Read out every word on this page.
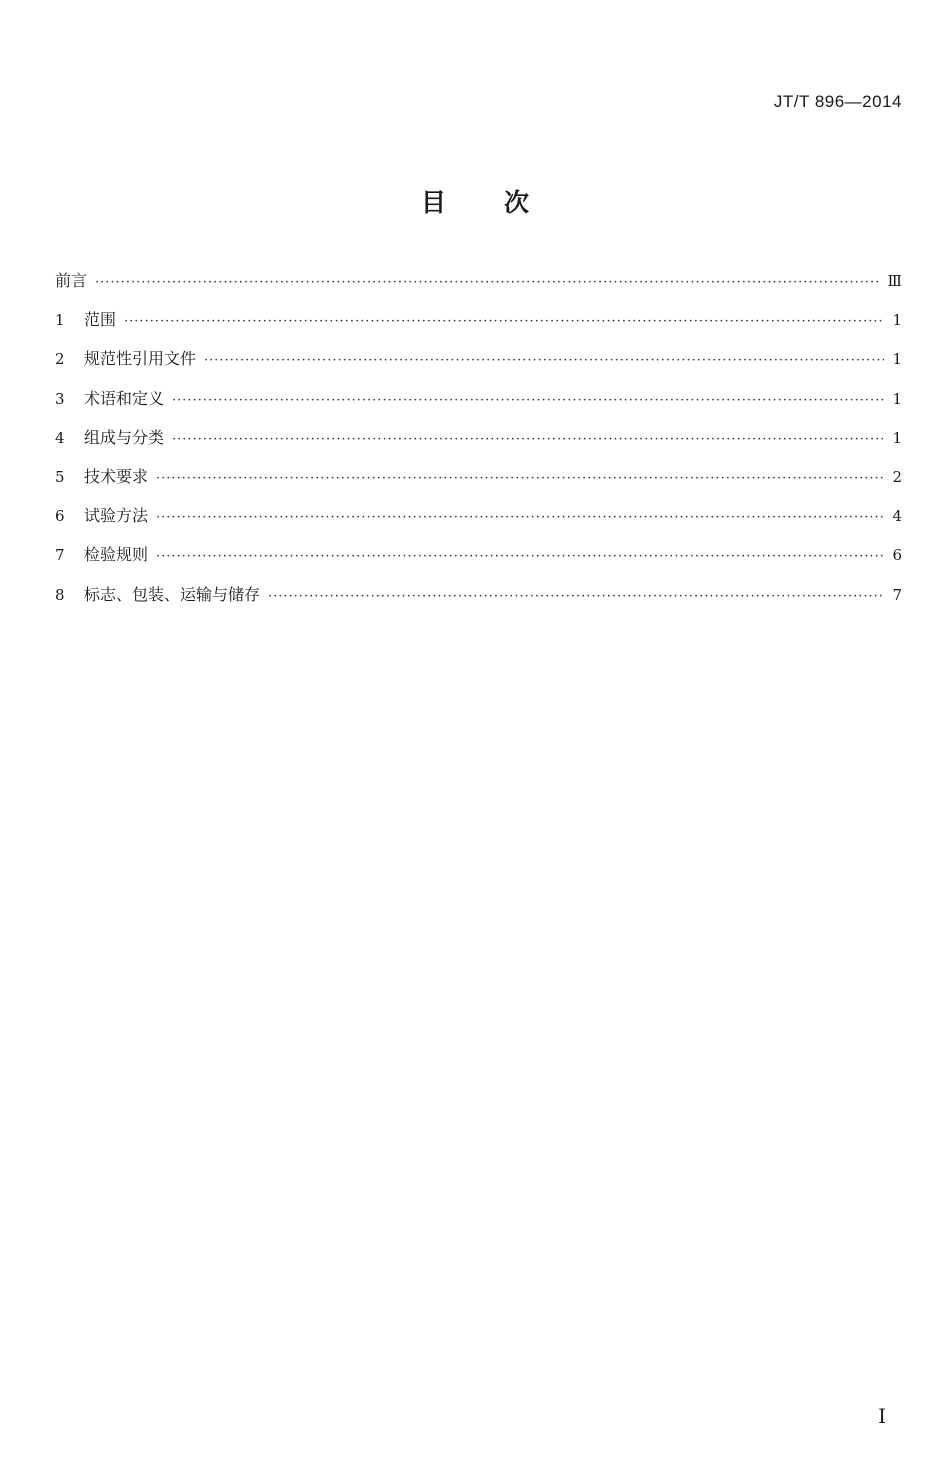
JT/T 896—2014
目 次
前言 ·····	Ⅲ
1	范围 ·····	1
2	规范性引用文件 ·····	1
3	术语和定义 ·····	1
4	组成与分类 ·····	1
5	技术要求 ·····	2
6	试验方法 ·····	4
7	检验规则 ·····	6
8	标志、包装、运输与储存 ·····	7
I
